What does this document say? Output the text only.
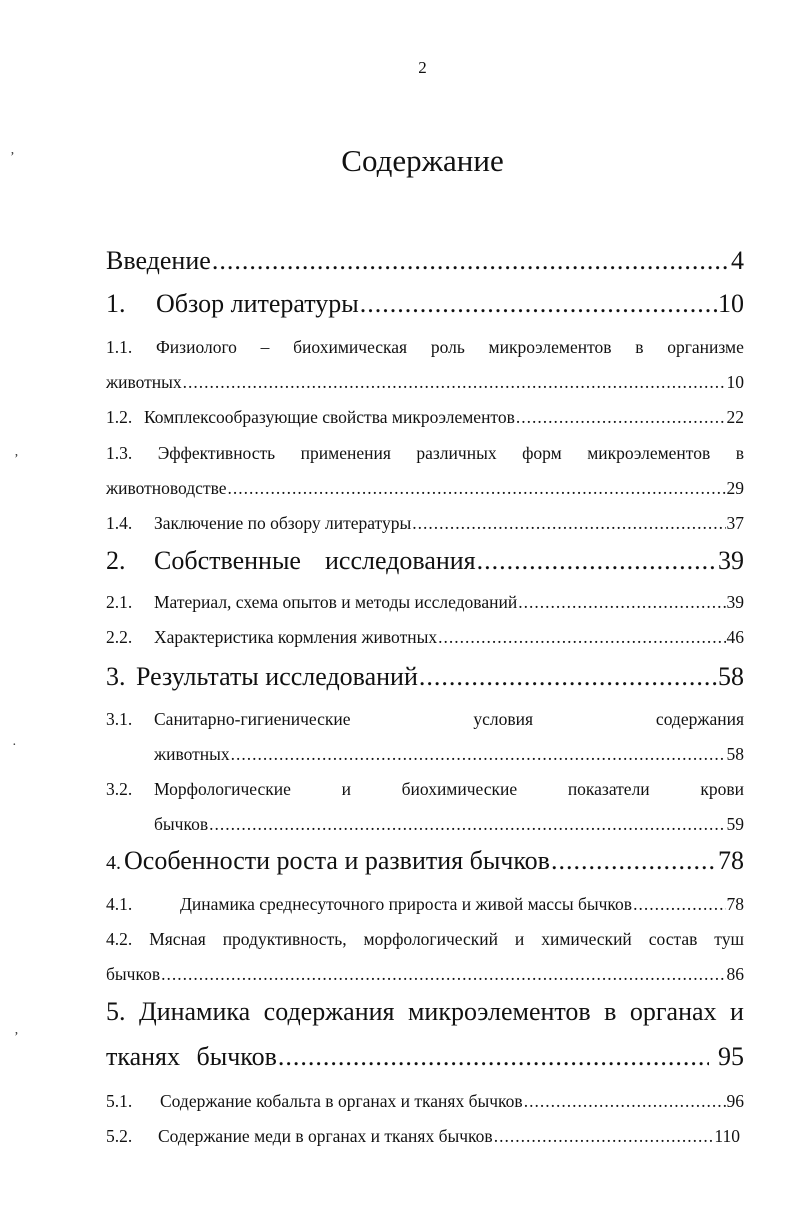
2
Содержание
ʼ
ʼ
·
ʼ
Введение .....	4
1.	Обзор литературы .....	10
1.1. Физиолого – биохимическая роль микроэлементов в организме
животных .....	10
1.2. Комплексообразующие свойства микроэлементов .....	22
1.3. Эффективность применения различных форм микроэлементов в
животноводстве .....	29
1.4.	Заключение по обзору литературы .....	37
2.	Собственные исследования .....	39
2.1.	Материал, схема опытов и методы исследований .....	39
2.2.	Характеристика кормления животных .....	46
3. Результаты исследований .....	58
3.1.	Санитарно-гигиенические	условия	содержания
животных .....	58
3.2.	Морфологические	и	биохимические	показатели	крови
бычков .....	59
4. Особенности роста и развития бычков .....	78
4.1.	Динамика среднесуточного прироста и живой массы бычков .....	78
4.2. Мясная продуктивность, морфологический и химический состав туш
бычков .....	86
5. Динамика содержания микроэлементов в органах и
тканях бычков .....	95
5.1.	Содержание кобальта в органах и тканях бычков .....	96
5.2.	Содержание меди в органах и тканях бычков .....	110
